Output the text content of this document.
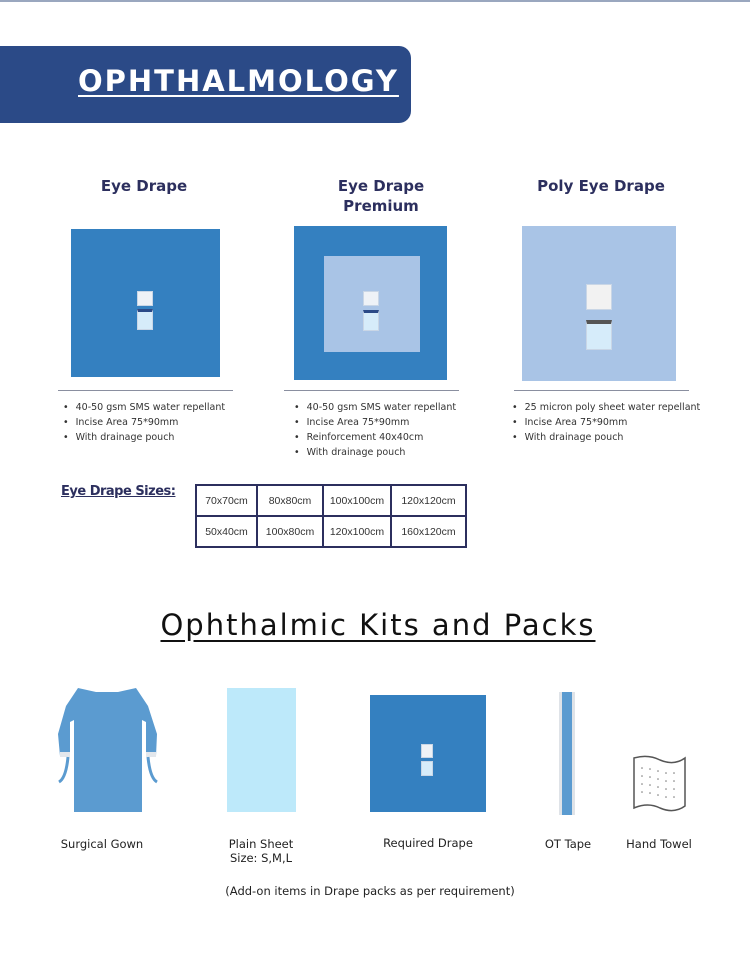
OPHTHALMOLOGY
Eye Drape
• 40-50 gsm SMS water repellant
• Incise Area 75*90mm
• With drainage pouch
Eye Drape
Premium
• 40-50 gsm SMS water repellant
• Incise Area 75*90mm
• Reinforcement 40x40cm
• With drainage pouch
Poly Eye Drape
• 25 micron poly sheet water repellant
• Incise Area 75*90mm
• With drainage pouch
Eye Drape Sizes:
70x70cm	80x80cm	100x100cm	120x120cm
50x40cm	100x80cm	120x100cm	160x120cm
Ophthalmic Kits and Packs
Surgical Gown	Plain Sheet
Size: S,M,L
Required Drape	OT Tape	Hand Towel
(Add-on items in Drape packs as per requirement)
